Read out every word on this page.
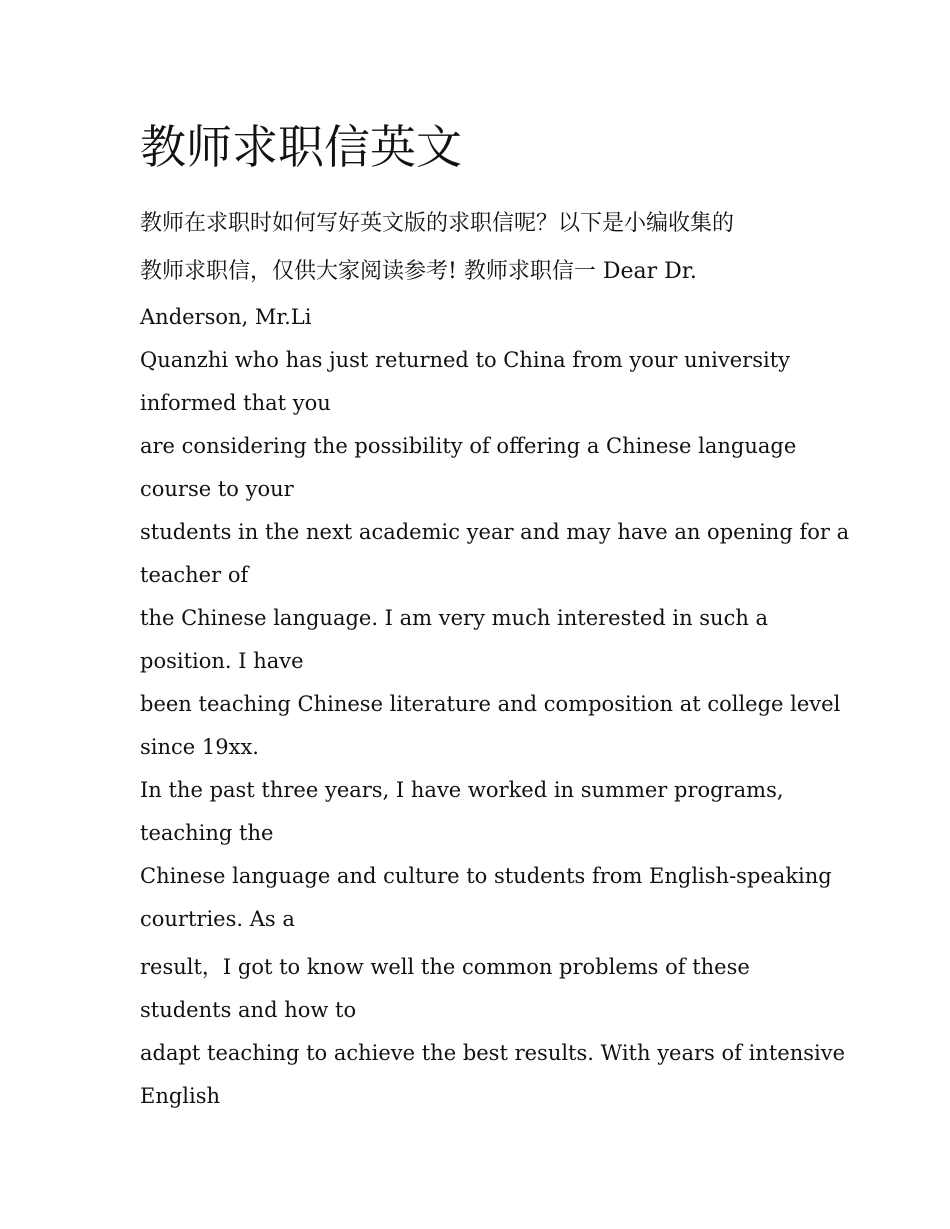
教师求职信英文
教师在求职时如何写好英文版的求职信呢？以下是小编收集的
教师求职信，仅供大家阅读参考! 教师求职信一 Dear Dr.
Anderson, Mr.Li
Quanzhi who has just returned to China from your university
informed that you
are considering the possibility of offering a Chinese language
course to your
students in the next academic year and may have an opening for a
teacher of
the Chinese language. I am very much interested in such a
position. I have
been teaching Chinese literature and composition at college level
since 19xx.
In the past three years, I have worked in summer programs,
teaching the
Chinese language and culture to students from English-speaking
courtries. As a
result，I got to know well the common problems of these
students and how to
adapt teaching to achieve the best results. With years of intensive
English
